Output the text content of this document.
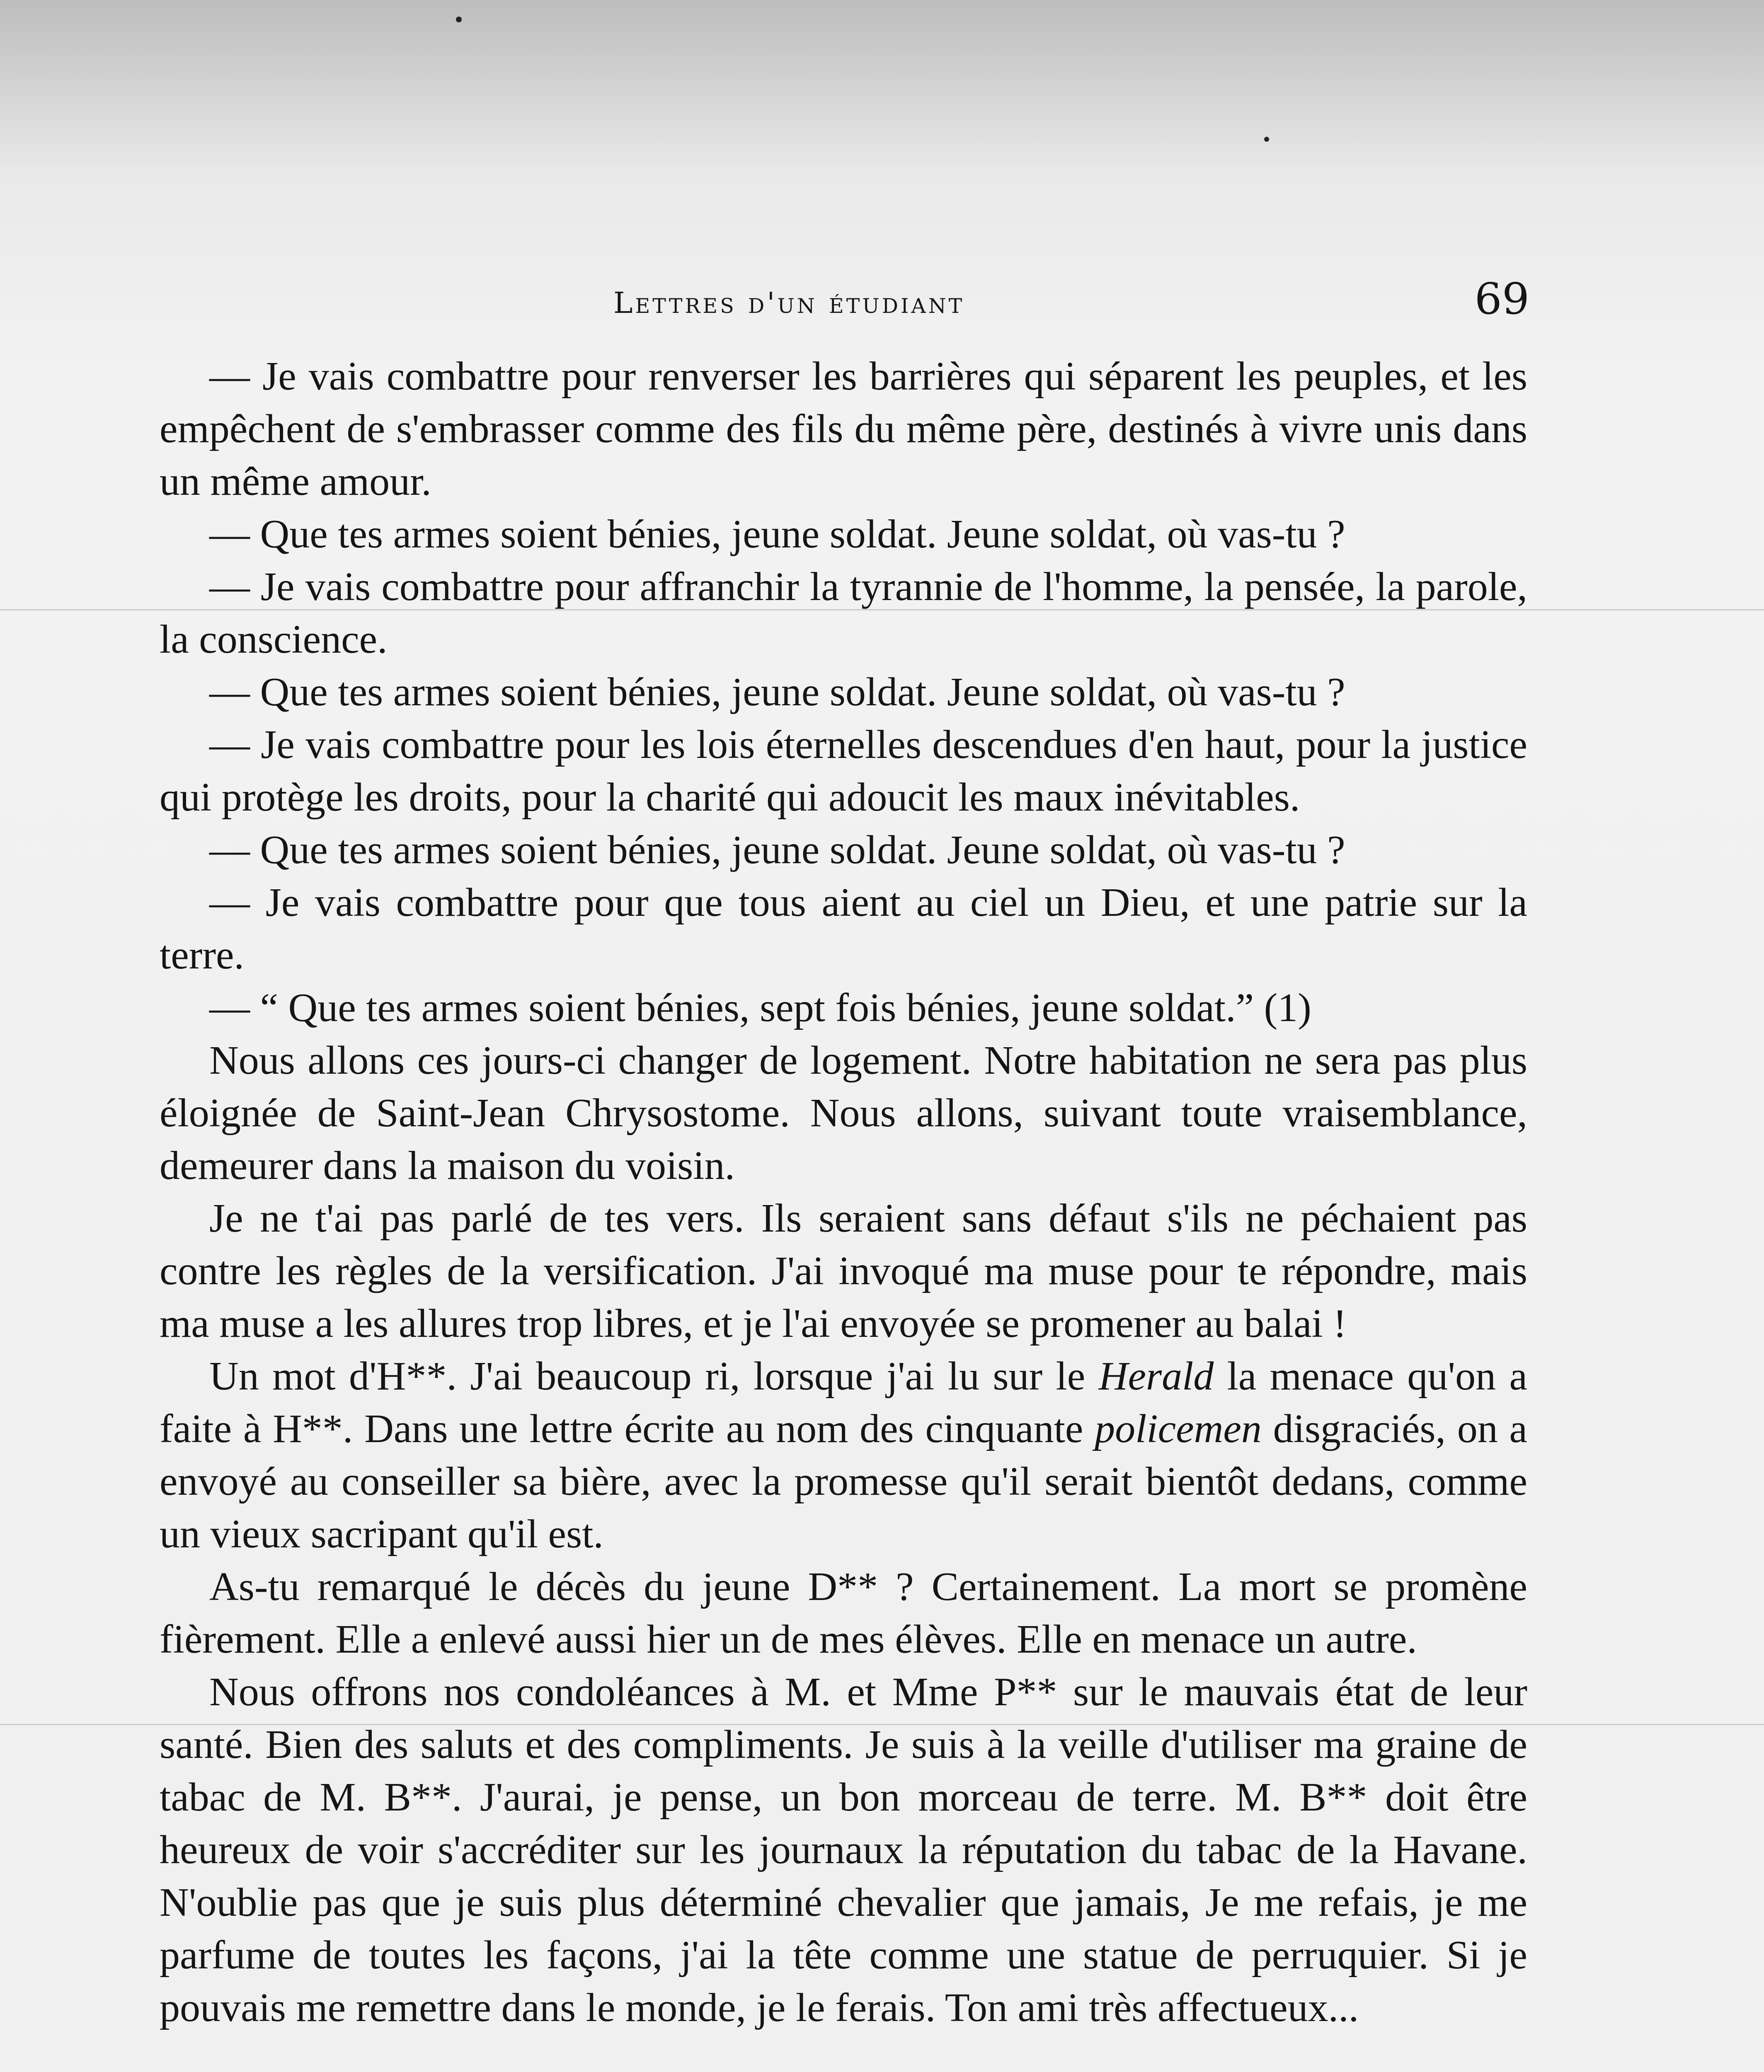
Lettres d'un étudiant	69

— Je vais combattre pour renverser les barrières qui séparent les peuples, et les empêchent de s'embrasser comme des fils du même père, destinés à vivre unis dans un même amour.

— Que tes armes soient bénies, jeune soldat. Jeune soldat, où vas-tu ?

— Je vais combattre pour affranchir la tyrannie de l'homme, la pensée, la parole, la conscience.

— Que tes armes soient bénies, jeune soldat. Jeune soldat, où vas-tu ?

— Je vais combattre pour les lois éternelles descendues d'en haut, pour la justice qui protège les droits, pour la charité qui adoucit les maux inévitables.

— Que tes armes soient bénies, jeune soldat. Jeune soldat, où vas-tu ?

— Je vais combattre pour que tous aient au ciel un Dieu, et une patrie sur la terre.

— “ Que tes armes soient bénies, sept fois bénies, jeune soldat.” (1)

Nous allons ces jours-ci changer de logement. Notre habitation ne sera pas plus éloignée de Saint-Jean Chrysostome. Nous allons, suivant toute vraisemblance, demeurer dans la maison du voisin.

Je ne t'ai pas parlé de tes vers. Ils seraient sans défaut s'ils ne péchaient pas contre les règles de la versification. J'ai invoqué ma muse pour te répondre, mais ma muse a les allures trop libres, et je l'ai envoyée se promener au balai !

Un mot d'H**. J'ai beaucoup ri, lorsque j'ai lu sur le Herald la menace qu'on a faite à H**. Dans une lettre écrite au nom des cinquante policemen disgraciés, on a envoyé au conseiller sa bière, avec la promesse qu'il serait bientôt dedans, comme un vieux sacripant qu'il est.

As-tu remarqué le décès du jeune D** ? Certainement. La mort se promène fièrement. Elle a enlevé aussi hier un de mes élèves. Elle en menace un autre.

Nous offrons nos condoléances à M. et Mme P** sur le mauvais état de leur santé. Bien des saluts et des compliments. Je suis à la veille d'utiliser ma graine de tabac de M. B**. J'aurai, je pense, un bon morceau de terre. M. B** doit être heureux de voir s'accréditer sur les journaux la réputation du tabac de la Havane. N'oublie pas que je suis plus déterminé chevalier que jamais, Je me refais, je me parfume de toutes les façons, j'ai la tête comme une statue de perruquier. Si je pouvais me remettre dans le monde, je le ferais. Ton ami très affectueux...
